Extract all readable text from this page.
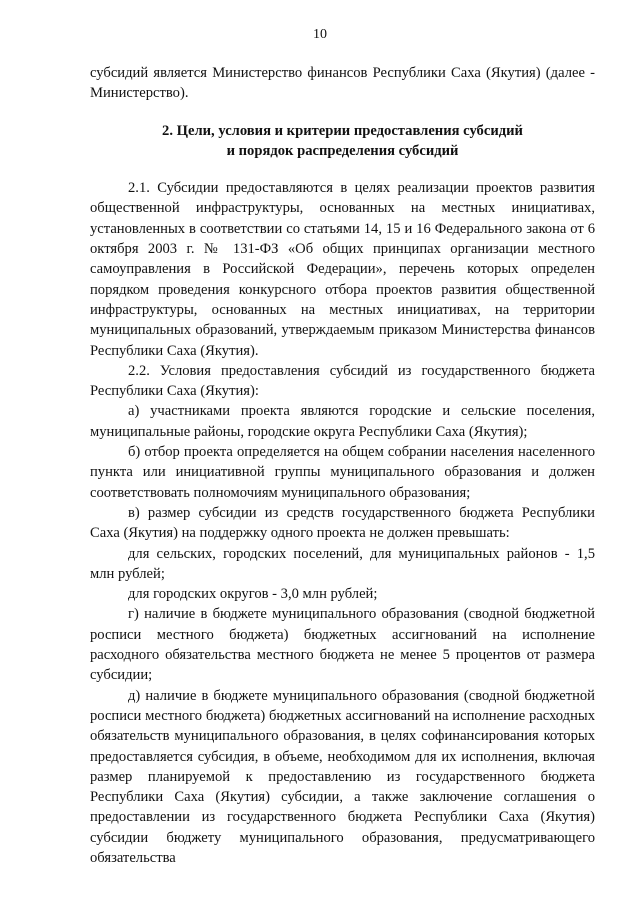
10

субсидий является Министерство финансов Республики Саха (Якутия) (далее - Министерство).

2. Цели, условия и критерии предоставления субсидий
и порядок распределения субсидий

2.1. Субсидии предоставляются в целях реализации проектов развития общественной инфраструктуры, основанных на местных инициативах, установленных в соответствии со статьями 14, 15 и 16 Федерального закона от 6 октября 2003 г. № 131-ФЗ «Об общих принципах организации местного самоуправления в Российской Федерации», перечень которых определен порядком проведения конкурсного отбора проектов развития общественной инфраструктуры, основанных на местных инициативах, на территории муниципальных образований, утверждаемым приказом Министерства финансов Республики Саха (Якутия).

2.2. Условия предоставления субсидий из государственного бюджета Республики Саха (Якутия):

а) участниками проекта являются городские и сельские поселения, муниципальные районы, городские округа Республики Саха (Якутия);

б) отбор проекта определяется на общем собрании населения населенного пункта или инициативной группы муниципального образования и должен соответствовать полномочиям муниципального образования;

в) размер субсидии из средств государственного бюджета Республики Саха (Якутия) на поддержку одного проекта не должен превышать:

для сельских, городских поселений, для муниципальных районов - 1,5 млн рублей;

для городских округов - 3,0 млн рублей;

г) наличие в бюджете муниципального образования (сводной бюджетной росписи местного бюджета) бюджетных ассигнований на исполнение расходного обязательства местного бюджета не менее 5 процентов от размера субсидии;

д) наличие в бюджете муниципального образования (сводной бюджетной росписи местного бюджета) бюджетных ассигнований на исполнение расходных обязательств муниципального образования, в целях софинансирования которых предоставляется субсидия, в объеме, необходимом для их исполнения, включая размер планируемой к предоставлению из государственного бюджета Республики Саха (Якутия) субсидии, а также заключение соглашения о предоставлении из государственного бюджета Республики Саха (Якутия) субсидии бюджету муниципального образования, предусматривающего обязательства
